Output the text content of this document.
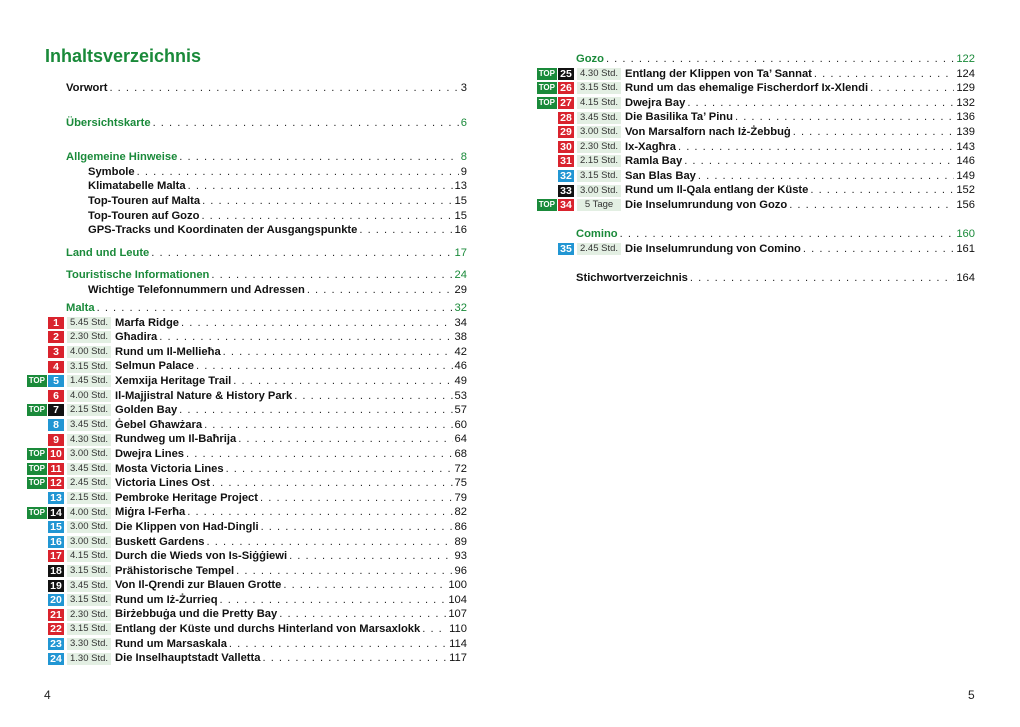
Inhaltsverzeichnis
Vorwort . . .	3
Übersichtskarte . . .	6
Allgemeine Hinweise . . .	8
Symbole . . .	9
Klimatabelle Malta . . .	13
Top-Touren auf Malta . . .	15
Top-Touren auf Gozo . . .	15
GPS-Tracks und Koordinaten der Ausgangspunkte . . .	16
Land und Leute . . .	17
Touristische Informationen . . .	24
Wichtige Telefonnummern und Adressen . . .	29
Malta . . .	32
1	5.45 Std. Marfa Ridge . . .	34
2	2.30 Std. Għadira . . .	38
3	4.00 Std. Rund um Il-Mellieħa . . .	42
4	3.15 Std. Selmun Palace . . .	46
TOP 5	1.45 Std. Xemxija Heritage Trail . . .	49
6	4.00 Std. Il-Majjistral Nature & History Park . . .	53
TOP 7	2.15 Std. Golden Bay . . .	57
8	3.45 Std. Ġebel Għawżara . . .	60
9	4.30 Std. Rundweg um Il-Baħrija . . .	64
TOP 10 3.00 Std. Dwejra Lines . . .	68
TOP 11 3.45 Std. Mosta Victoria Lines . . .	72
TOP 12 2.45 Std. Victoria Lines Ost . . .	75
13 2.15 Std. Pembroke Heritage Project . . .	79
TOP 14 4.00 Std. Miġra l-Ferħa . . .	82
15 3.00 Std. Die Klippen von Had-Dingli . . .	86
16 3.00 Std. Buskett Gardens . . .	89
17 4.15 Std. Durch die Wieds von Is-Siġġiewi . . .	93
18 3.15 Std. Prähistorische Tempel . . .	96
19 3.45 Std. Von Il-Qrendi zur Blauen Grotte . . .	100
20 3.15 Std. Rund um Iż-Żurrieq . . .	104
21 2.30 Std. Birżebbuġa und die Pretty Bay . . .	107
22 3.15 Std. Entlang der Küste und durchs Hinterland von Marsaxlokk . . .	110
23 3.30 Std. Rund um Marsaskala . . .	114
24 1.30 Std. Die Inselhauptstadt Valletta . . .	117
4
Gozo . . .	122
TOP 25 4.30 Std. Entlang der Klippen von Ta’ Sannat . . .	124
TOP 26 3.15 Std. Rund um das ehemalige Fischerdorf Ix-Xlendi . . .	129
TOP 27 4.15 Std. Dwejra Bay . . .	132
28 3.45 Std. Die Basilika Ta’ Pinu . . .	136
29 3.00 Std. Von Marsalforn nach Iż-Żebbuġ . . .	139
30 2.30 Std. Ix-Xagħra . . .	143
31 2.15 Std. Ramla Bay . . .	146
32 3.15 Std. San Blas Bay . . .	149
33 3.00 Std. Rund um Il-Qala entlang der Küste . . .	152
TOP 34	5 Tage	Die Inselumrundung von Gozo . . .	156
Comino . . .	160
35 2.45 Std. Die Inselumrundung von Comino . . .	161
Stichwortverzeichnis . . .	164
5
